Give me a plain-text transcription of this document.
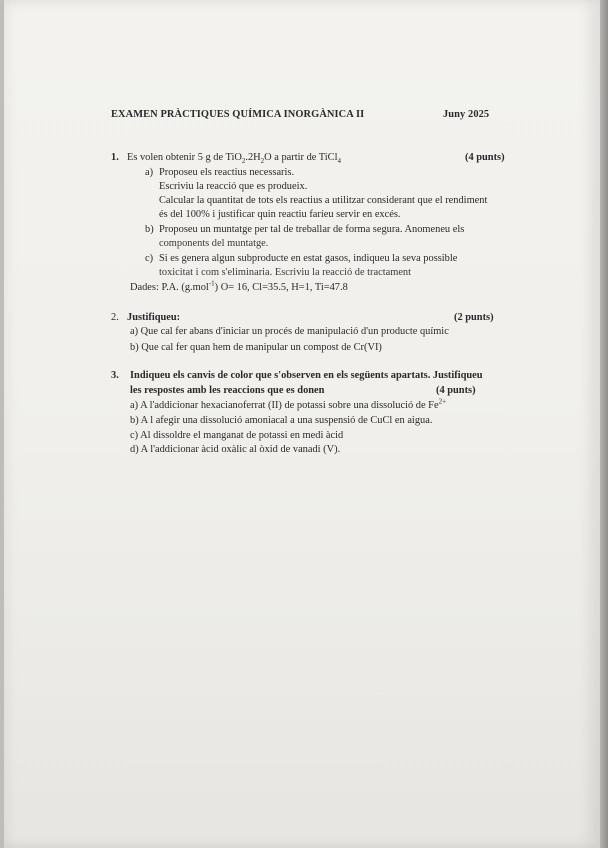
EXAMEN PRÀCTIQUES QUÍMICA INORGÀNICA II	Juny 2025
1. Es volen obtenir 5 g de $TiO_2.2H_2O$ a partir de TiCl$_4$	(4 punts)
a) Proposeu els reactius necessaris.
Escriviu la reacció que es produeix.
Calcular la quantitat de tots els reactius a utilitzar considerant que el rendiment
és del 100% i justificar quin reactiu faríeu servir en excés.
b) Proposeu un muntatge per tal de treballar de forma segura. Anomeneu els
components del muntatge.
c) Si es genera algun subproducte en estat gasos, indiqueu la seva possible
toxicitat i com s'eliminaria. Escriviu la reacció de tractament
Dades: P.A. (g.mol$^{-1}$) O= 16, Cl=35.5, H=1, Ti=47.8
2. Justifiqueu:	(2 punts)
a) Que cal fer abans d'iniciar un procés de manipulació d'un producte químic
b) Que cal fer quan hem de manipular un compost de Cr(VI)
3. Indiqueu els canvis de color que s'observen en els següents apartats. Justifiqueu
les respostes amb les reaccions que es donen	(4 punts)
a) A l'addicionar hexacianoferrat (II) de potassi sobre una dissolució de $Fe^{2+}$
b) A l afegir una dissolució amoniacal a una suspensió de CuCl en aigua.
c) Al dissoldre el manganat de potassi en medi àcid
d) A l'addicionar àcid oxàlic al òxid de vanadi (V).
